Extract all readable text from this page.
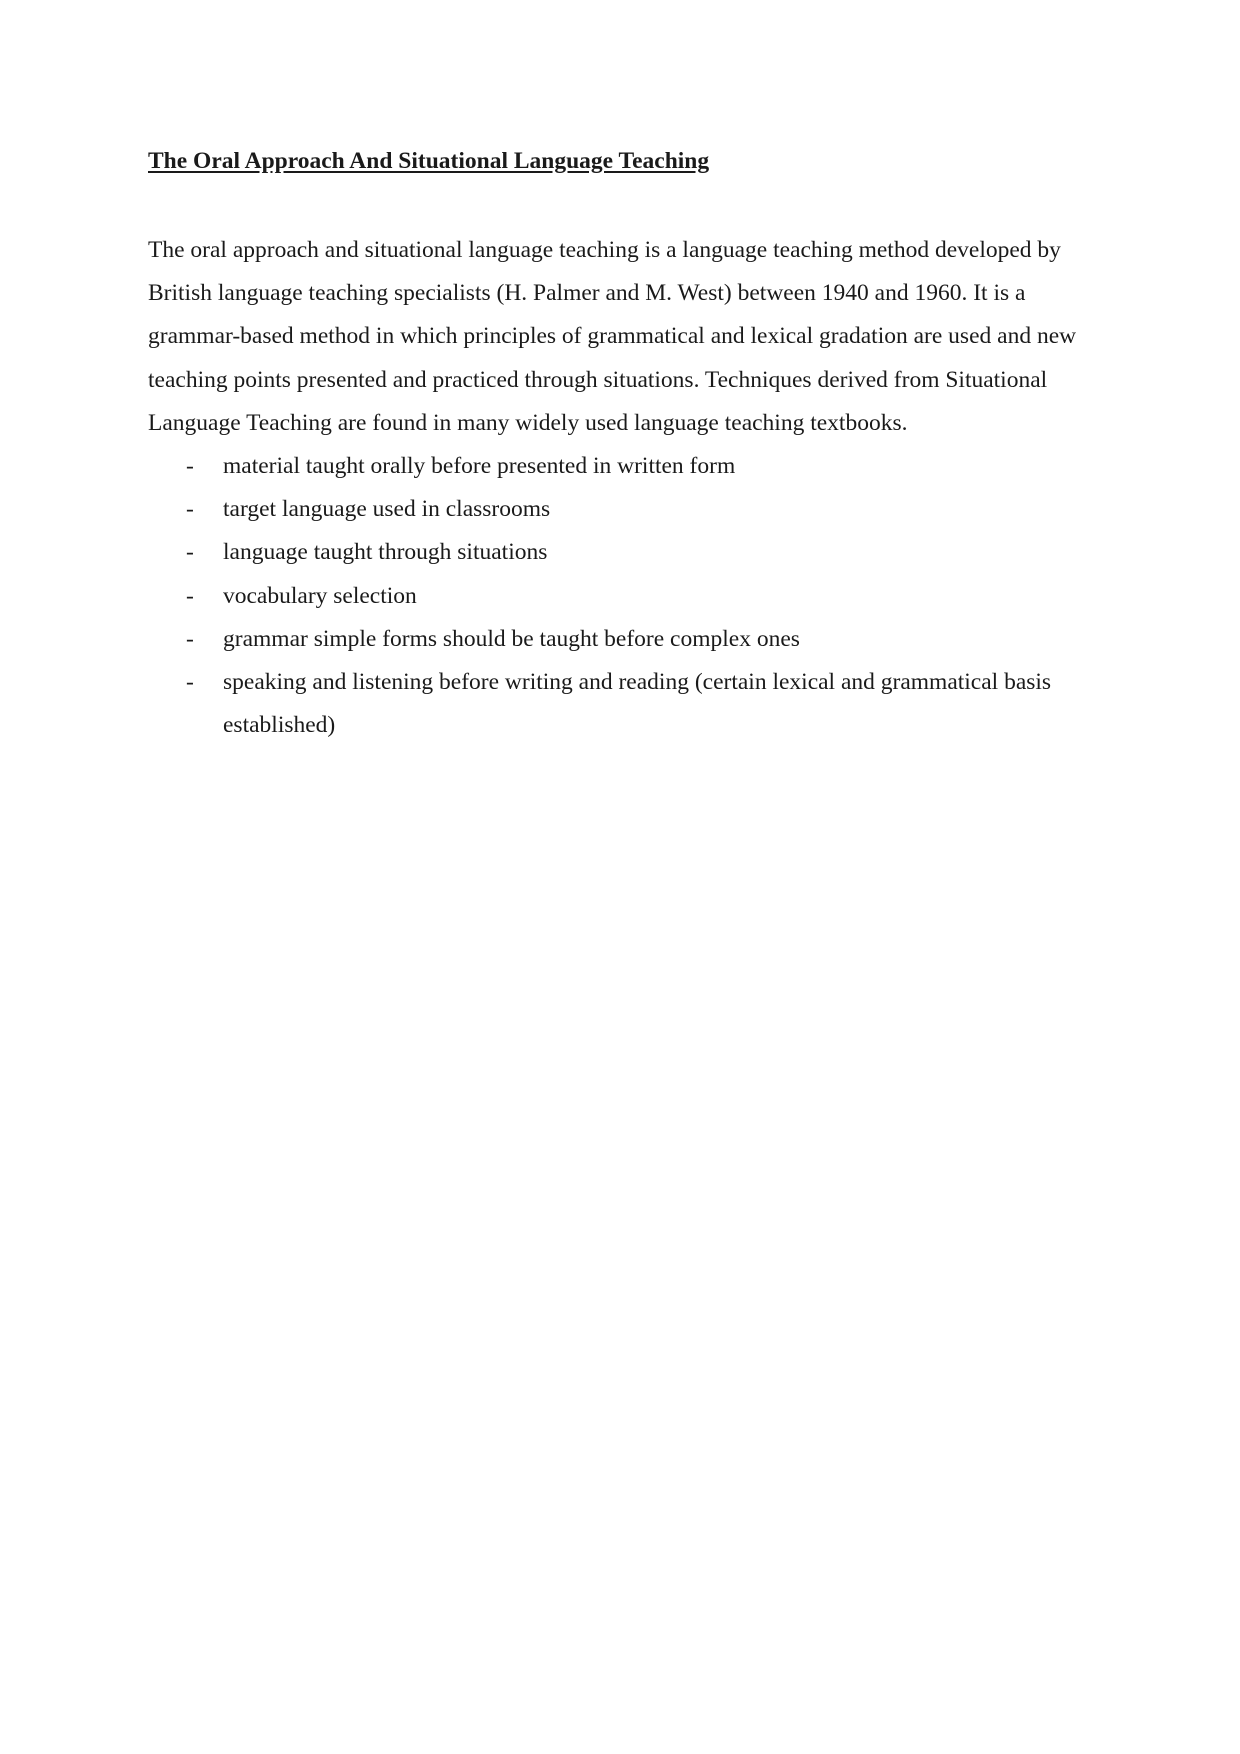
The Oral Approach And Situational Language Teaching

The oral approach and situational language teaching is a language teaching method developed by British language teaching specialists (H. Palmer and M. West) between 1940 and 1960. It is a grammar-based method in which principles of grammatical and lexical gradation are used and new teaching points presented and practiced through situations. Techniques derived from Situational Language Teaching are found in many widely used language teaching textbooks.

- material taught orally before presented in written form
- target language used in classrooms
- language taught through situations
- vocabulary selection
- grammar simple forms should be taught before complex ones
- speaking and listening before writing and reading (certain lexical and grammatical basis established)
